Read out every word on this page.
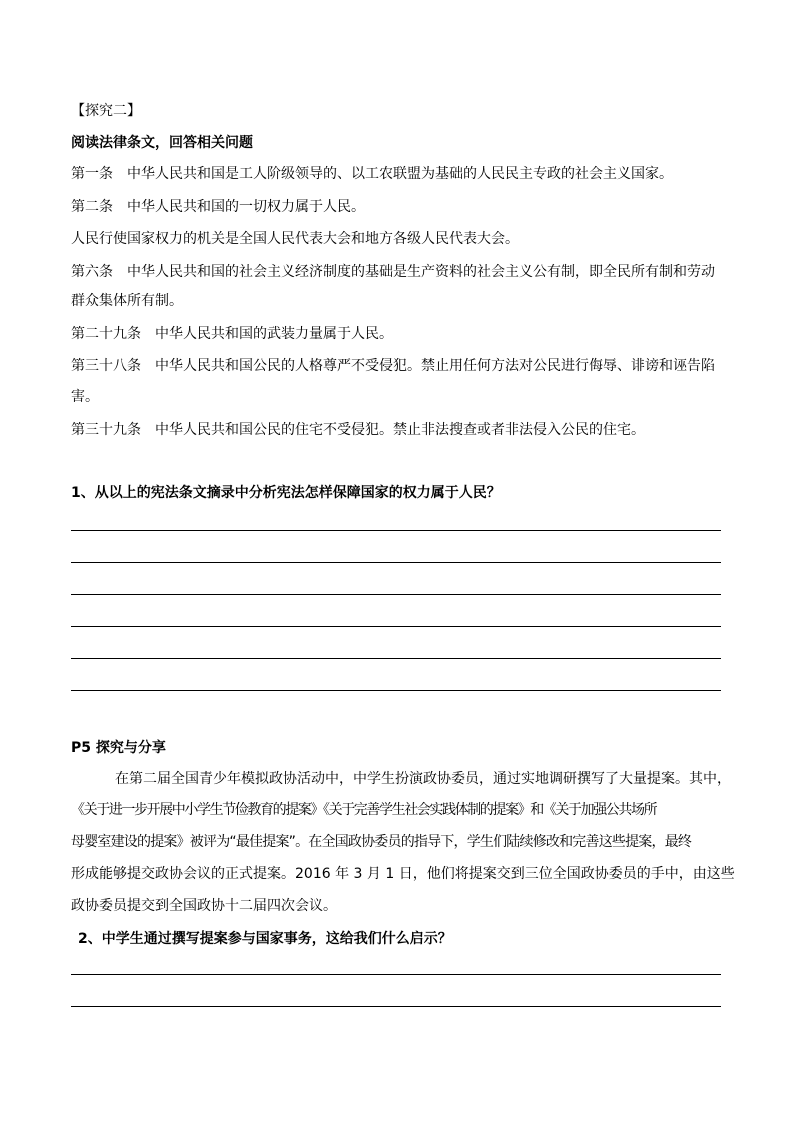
【探究二】
阅读法律条文，回答相关问题
第一条　中华人民共和国是工人阶级领导的、以工农联盟为基础的人民民主专政的社会主义国家。
第二条　中华人民共和国的一切权力属于人民。
人民行使国家权力的机关是全国人民代表大会和地方各级人民代表大会。
第六条　中华人民共和国的社会主义经济制度的基础是生产资料的社会主义公有制，即全民所有制和劳动
群众集体所有制。
第二十九条　中华人民共和国的武装力量属于人民。
第三十八条　中华人民共和国公民的人格尊严不受侵犯。禁止用任何方法对公民进行侮辱、诽谤和诬告陷
害。
第三十九条　中华人民共和国公民的住宅不受侵犯。禁止非法搜查或者非法侵入公民的住宅。
1、从以上的宪法条文摘录中分析宪法怎样保障国家的权力属于人民？
P5 探究与分享
在第二届全国青少年模拟政协活动中，中学生扮演政协委员，通过实地调研撰写了大量提案。其中，
《关于进一步开展中小学生节俭教育的提案》《关于完善学生社会实践体制的提案》和《关于加强公共场所
母婴室建设的提案》被评为“最佳提案”。在全国政协委员的指导下，学生们陆续修改和完善这些提案，最终
形成能够提交政协会议的正式提案。2016 年 3 月 1 日，他们将提案交到三位全国政协委员的手中，由这些
政协委员提交到全国政协十二届四次会议。
2、中学生通过撰写提案参与国家事务，这给我们什么启示？
